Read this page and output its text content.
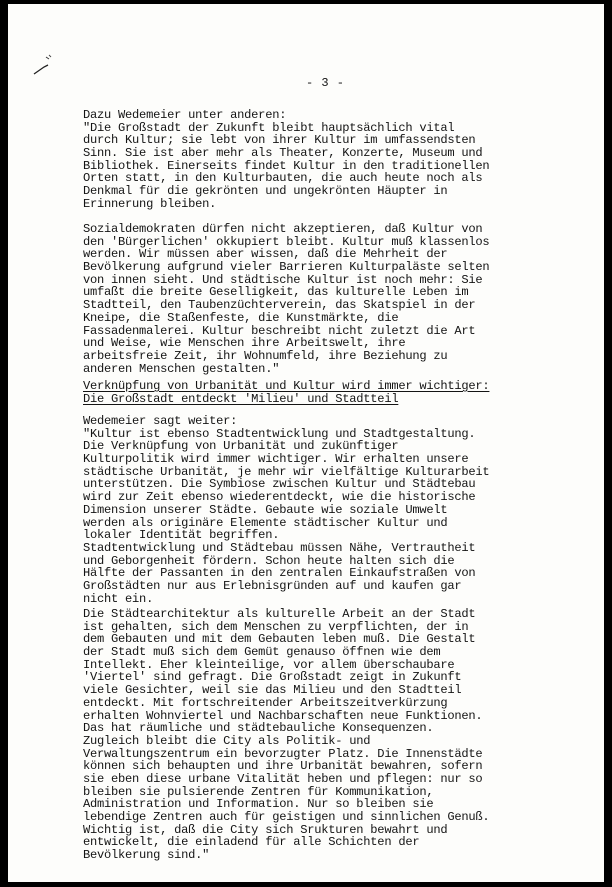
- 3 -
Dazu Wedemeier unter anderen:
"Die Großstadt der Zukunft bleibt hauptsächlich vital
durch Kultur; sie lebt von ihrer Kultur im umfassendsten
Sinn. Sie ist aber mehr als Theater, Konzerte, Museum und
Bibliothek. Einerseits findet Kultur in den traditionellen
Orten statt, in den Kulturbauten, die auch heute noch als
Denkmal für die gekrönten und ungekrönten Häupter in
Erinnerung bleiben.
Sozialdemokraten dürfen nicht akzeptieren, daß Kultur von
den 'Bürgerlichen' okkupiert bleibt. Kultur muß klassenlos
werden. Wir müssen aber wissen, daß die Mehrheit der
Bevölkerung aufgrund vieler Barrieren Kulturpaläste selten
von innen sieht. Und städtische Kultur ist noch mehr: Sie
umfaßt die breite Geselligkeit, das kulturelle Leben im
Stadtteil, den Taubenzüchterverein, das Skatspiel in der
Kneipe, die Staßenfeste, die Kunstmärkte, die
Fassadenmalerei. Kultur beschreibt nicht zuletzt die Art
und Weise, wie Menschen ihre Arbeitswelt, ihre
arbeitsfreie Zeit, ihr Wohnumfeld, ihre Beziehung zu
anderen Menschen gestalten."
Verknüpfung von Urbanität und Kultur wird immer wichtiger:
Die Großstadt entdeckt 'Milieu' und Stadtteil
Wedemeier sagt weiter:
"Kultur ist ebenso Stadtentwicklung und Stadtgestaltung.
Die Verknüpfung von Urbanität und zukünftiger
Kulturpolitik wird immer wichtiger. Wir erhalten unsere
städtische Urbanität, je mehr wir vielfältige Kulturarbeit
unterstützen. Die Symbiose zwischen Kultur und Städtebau
wird zur Zeit ebenso wiederentdeckt, wie die historische
Dimension unserer Städte. Gebaute wie soziale Umwelt
werden als originäre Elemente städtischer Kultur und
lokaler Identität begriffen.
Stadtentwicklung und Städtebau müssen Nähe, Vertrautheit
und Geborgenheit fördern. Schon heute halten sich die
Hälfte der Passanten in den zentralen Einkaufstraßen von
Großstädten nur aus Erlebnisgründen auf und kaufen gar
nicht ein.
Die Städtearchitektur als kulturelle Arbeit an der Stadt
ist gehalten, sich dem Menschen zu verpflichten, der in
dem Gebauten und mit dem Gebauten leben muß. Die Gestalt
der Stadt muß sich dem Gemüt genauso öffnen wie dem
Intellekt. Eher kleinteilige, vor allem überschaubare
'Viertel' sind gefragt. Die Großstadt zeigt in Zukunft
viele Gesichter, weil sie das Milieu und den Stadtteil
entdeckt. Mit fortschreitender Arbeitszeitverkürzung
erhalten Wohnviertel und Nachbarschaften neue Funktionen.
Das hat räumliche und städtebauliche Konsequenzen.
Zugleich bleibt die City als Politik- und
Verwaltungszentrum ein bevorzugter Platz. Die Innenstädte
können sich behaupten und ihre Urbanität bewahren, sofern
sie eben diese urbane Vitalität heben und pflegen: nur so
bleiben sie pulsierende Zentren für Kommunikation,
Administration und Information. Nur so bleiben sie
lebendige Zentren auch für geistigen und sinnlichen Genuß.
Wichtig ist, daß die City sich Srukturen bewahrt und
entwickelt, die einladend für alle Schichten der
Bevölkerung sind."
